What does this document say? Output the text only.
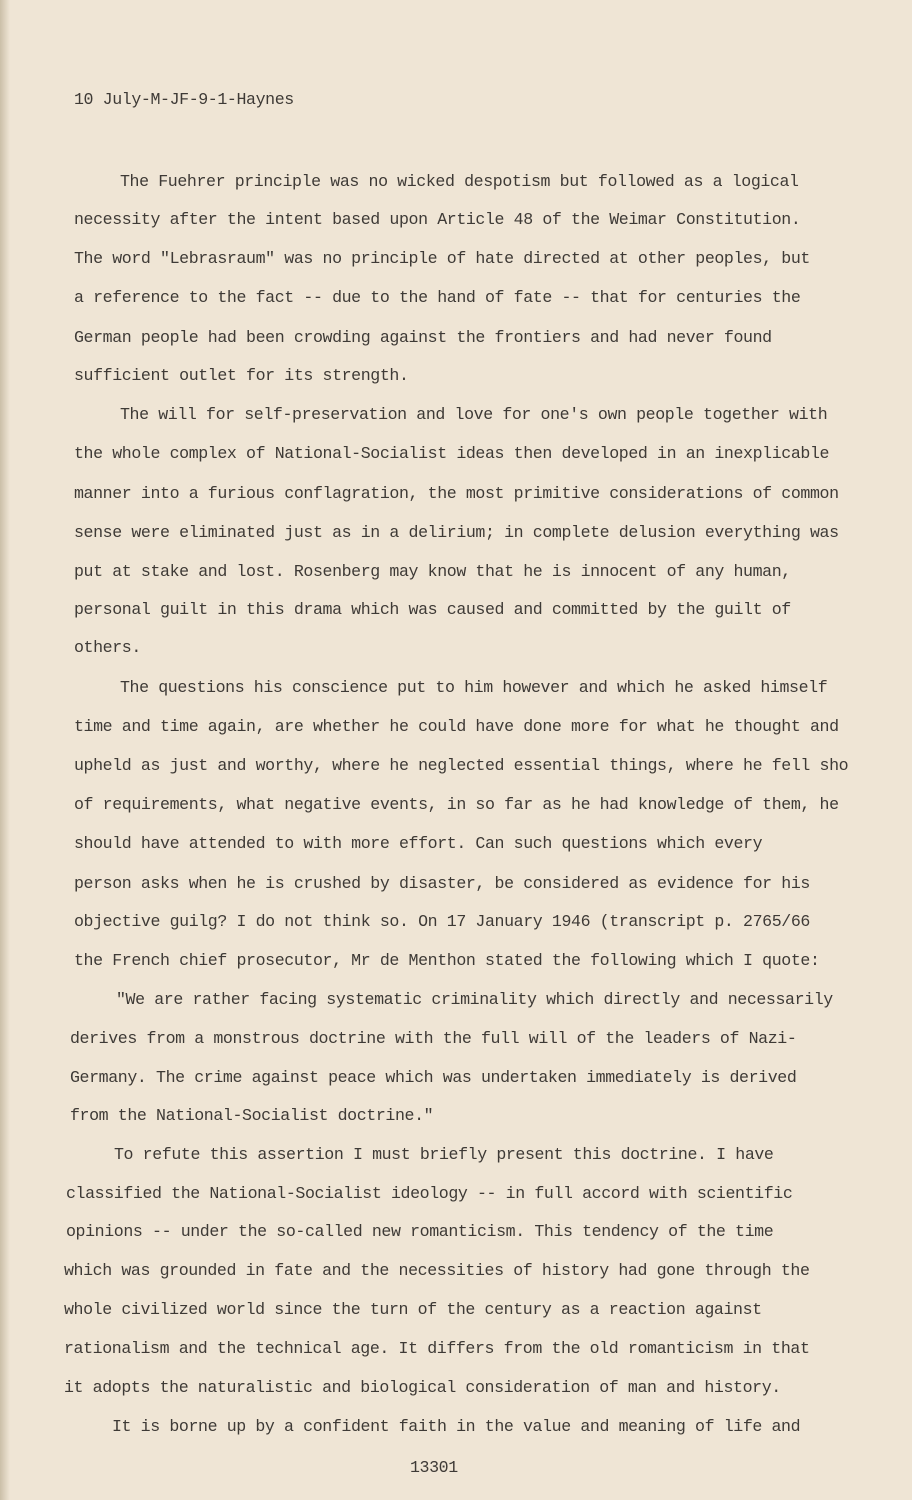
10 July-M-JF-9-1-Haynes

The Fuehrer principle was no wicked despotism but followed as a logical

necessity after the intent based upon Article 48 of the Weimar Constitution.

The word "Lebrasraum" was no principle of hate directed at other peoples, but

a reference to the fact -- due to the hand of fate -- that for centuries the

German people had been crowding against the frontiers and had never found

sufficient outlet for its strength.

The will for self-preservation and love for one's own people together with

the whole complex of National-Socialist ideas then developed in an inexplicable

manner into a furious conflagration, the most primitive considerations of common

sense were eliminated just as in a delirium; in complete delusion everything was

put at stake and lost. Rosenberg may know that he is innocent of any human,

personal guilt in this drama which was caused and committed by the guilt of

others.

The questions his conscience put to him however and which he asked himself

time and time again, are whether he could have done more for what he thought and

upheld as just and worthy, where he neglected essential things, where he fell sho

of requirements, what negative events, in so far as he had knowledge of them, he

should have attended to with more effort. Can such questions which every

person asks when he is crushed by disaster, be considered as evidence for his

objective guilg? I do not think so. On 17 January 1946 (transcript p. 2765/66

the French chief prosecutor, Mr de Menthon stated the following which I quote:

"We are rather facing systematic criminality which directly and necessarily

derives from a monstrous doctrine with the full will of the leaders of Nazi-

Germany. The crime against peace which was undertaken immediately is derived

from the National-Socialist doctrine."

To refute this assertion I must briefly present this doctrine. I have

classified the National-Socialist ideology -- in full accord with scientific

opinions -- under the so-called new romanticism. This tendency of the time

which was grounded in fate and the necessities of history had gone through the

whole civilized world since the turn of the century as a reaction against

rationalism and the technical age. It differs from the old romanticism in that

it adopts the naturalistic and biological consideration of man and history.

It is borne up by a confident faith in the value and meaning of life and

13301
